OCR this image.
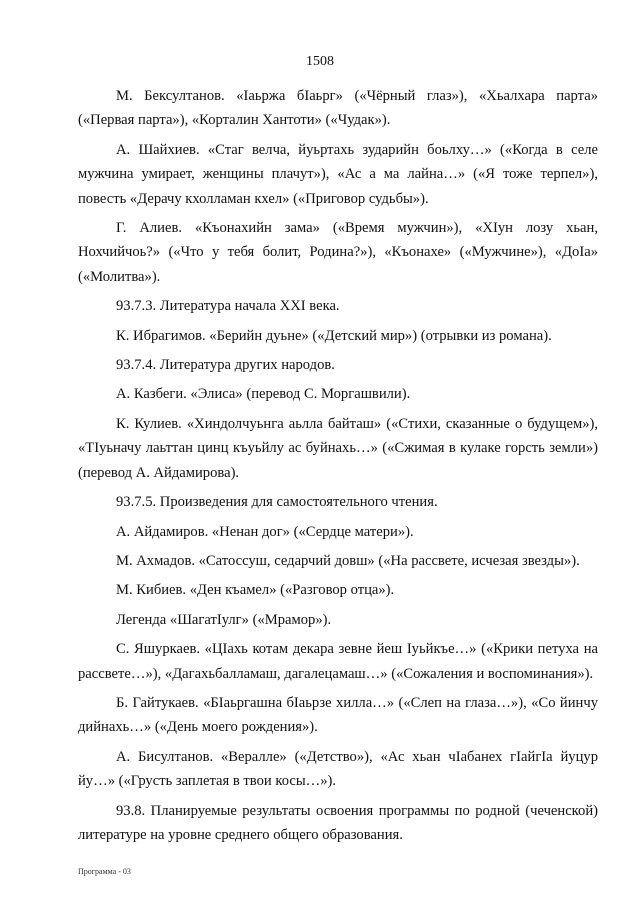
1508

М. Бексултанов. «Іаьржа бІаьрг» («Чёрный глаз»), «Хьалхара парта» («Первая парта»), «Корталин Хантоти» («Чудак»).

А. Шайхиев. «Стаг велча, йуьртахь зударийн боьлху…» («Когда в селе мужчина умирает, женщины плачут»), «Ас а ма лайна…» («Я тоже терпел»), повесть «Дерачу кхолламан кхел» («Приговор судьбы»).

Г. Алиев. «Къонахийн зама» («Время мужчин»), «ХIун лозу хьан, Нохчийчоь?» («Что у тебя болит, Родина?»), «Къонахе» («Мужчине»), «ДоIа» («Молитва»).

93.7.3. Литература начала XXI века.

К. Ибрагимов. «Берийн дуьне» («Детский мир») (отрывки из романа).

93.7.4. Литература других народов.

А. Казбеги. «Элиса» (перевод С. Моргашвили).

К. Кулиев. «Хиндолчуьнга аьлла байташ» («Стихи, сказанные о будущем»), «ТIуьначу лаьттан цинц къуьйлу ас буйнахь…» («Сжимая в кулаке горсть земли») (перевод А. Айдамирова).

93.7.5. Произведения для самостоятельного чтения.

А. Айдамиров. «Ненан дог» («Сердце матери»).

М. Ахмадов. «Сатоссуш, седарчий довш» («На рассвете, исчезая звезды»).

М. Кибиев. «Ден къамел» («Разговор отца»).

Легенда «ШагатIулг» («Мрамор»).

С. Яшуркаев. «ЦIахь котам декара зевне йеш Iуьйкъе…» («Крики петуха на рассвете…»), «Дагахьбалламаш, дагалецамаш…» («Сожаления и воспоминания»).

Б. Гайтукаев. «БIаьргашна бIаьрзе хилла…» («Слеп на глаза…»), «Со йинчу дийнахь…» («День моего рождения»).

А. Бисултанов. «Beралле» («Детство»), «Ас хьан чIабанех гIайгIа йуцур йу…» («Грусть заплетая в твои косы…»).

93.8. Планируемые результаты освоения программы по родной (чеченской) литературе на уровне среднего общего образования.

Программа - 03
